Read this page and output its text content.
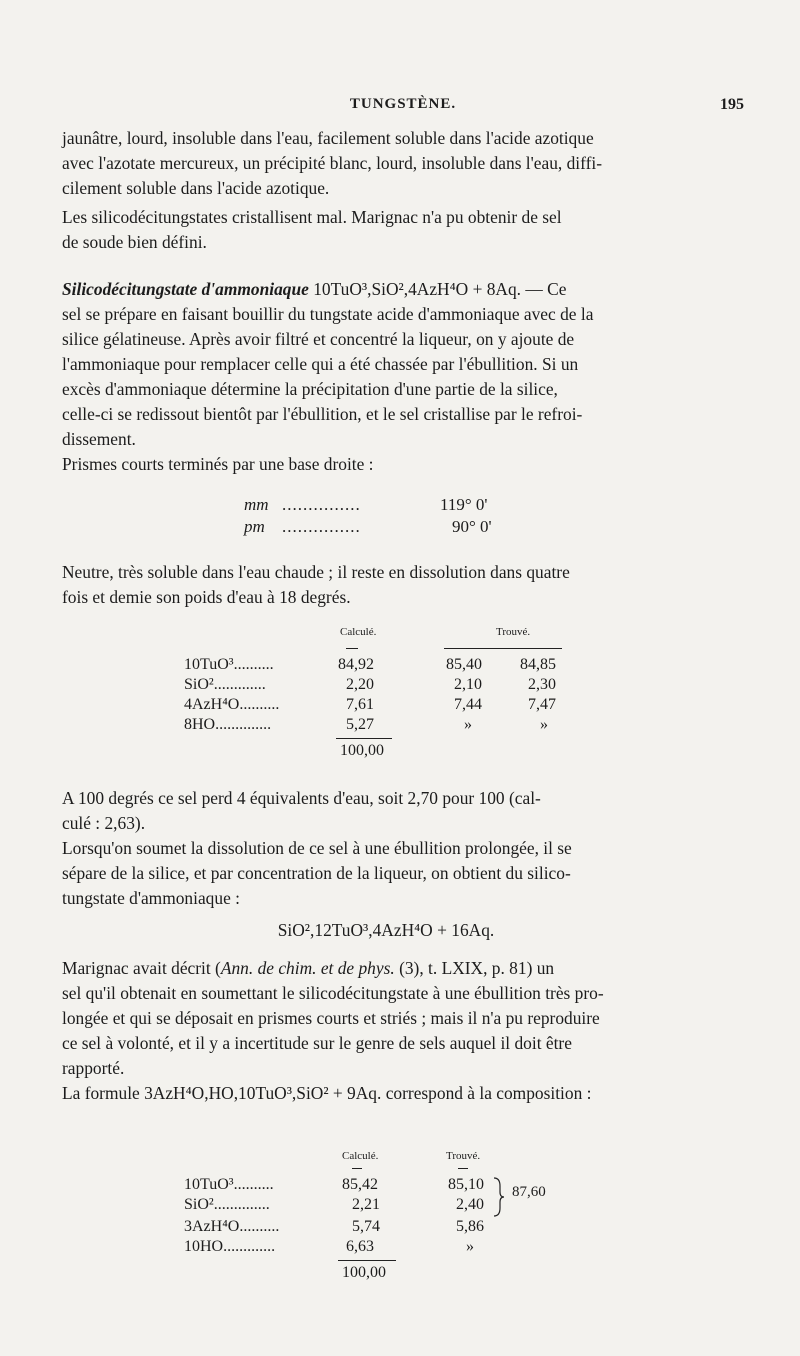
TUNGSTÈNE.	195

jaunâtre, lourd, insoluble dans l'eau, facilement soluble dans l'acide azotique

avec l'azotate mercureux, un précipité blanc, lourd, insoluble dans l'eau, diffi-

cilement soluble dans l'acide azotique.

Les silicodécitungstates cristallisent mal. Marignac n'a pu obtenir de sel

de soude bien défini.

Silicodécitungstate d'ammoniaque 10TuO³,SiO²,4AzH⁴O + 8Aq. — Ce

sel se prépare en faisant bouillir du tungstate acide d'ammoniaque avec de la

silice gélatineuse. Après avoir filtré et concentré la liqueur, on y ajoute de

l'ammoniaque pour remplacer celle qui a été chassée par l'ébullition. Si un

excès d'ammoniaque détermine la précipitation d'une partie de la silice,

celle-ci se redissout bientôt par l'ébullition, et le sel cristallise par le refroi-

dissement.

Prismes courts terminés par une base droite :

mm ...............	119° 0'
pm ...............	90° 0'

Neutre, très soluble dans l'eau chaude ; il reste en dissolution dans quatre

fois et demie son poids d'eau à 18 degrés.

Calculé.	Trouvé.
10TuO³..........	84,92	85,40 84,85
SiO².............	2,20	2,10	2,30
4AzH⁴O..........	7,61	7,44	7,47
8HO..............	5,27	»	»
100,00

A 100 degrés ce sel perd 4 équivalents d'eau, soit 2,70 pour 100 (cal-

culé : 2,63).

Lorsqu'on soumet la dissolution de ce sel à une ébullition prolongée, il se

sépare de la silice, et par concentration de la liqueur, on obtient du silico-

tungstate d'ammoniaque :

SiO²,12TuO³,4AzH⁴O + 16Aq.

Marignac avait décrit (Ann. de chim. et de phys. (3), t. LXIX, p. 81) un

sel qu'il obtenait en soumettant le silicodécitungstate à une ébullition très pro-

longée et qui se déposait en prismes courts et striés ; mais il n'a pu reproduire

ce sel à volonté, et il y a incertitude sur le genre de sels auquel il doit être

rapporté.

La formule 3AzH⁴O,HO,10TuO³,SiO² + 9Aq. correspond à la composition :

Calculé.	Trouvé.
10TuO³..........	85,42	85,10
SiO²..............	2,21	2,40
3AzH⁴O..........	5,74	5,86
10HO.............	6,63	»
87,60
100,00
